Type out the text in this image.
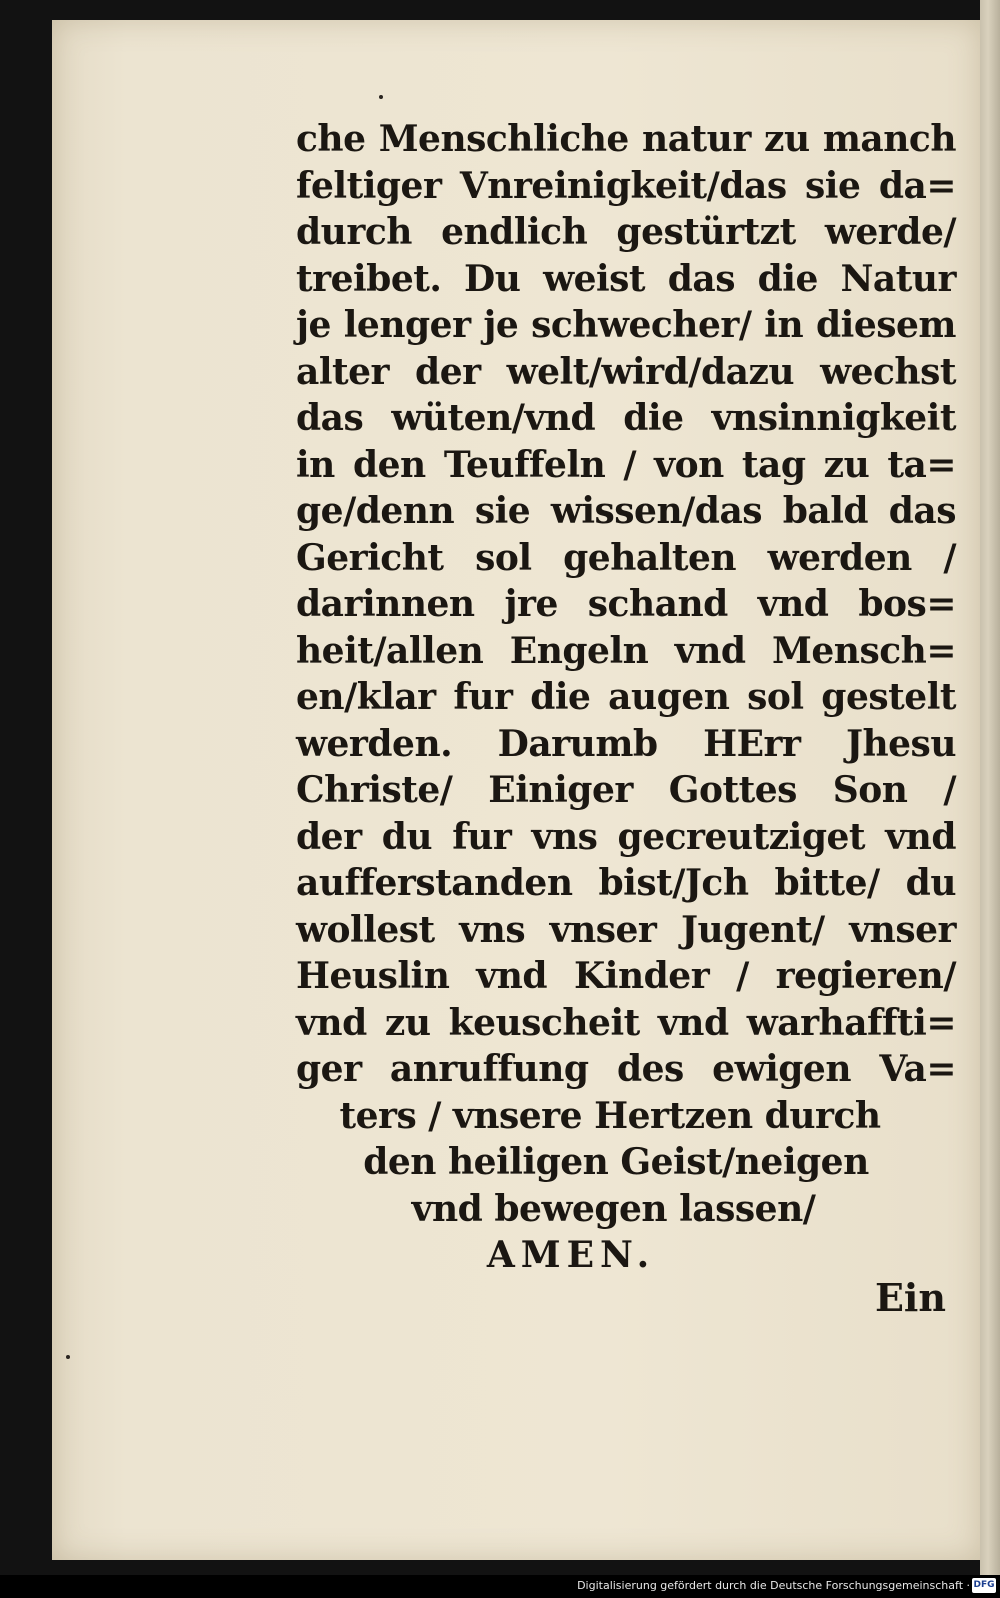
che Menschliche natur zu manch
feltiger Vnreinigkeit/das sie da=
durch endlich gestürtzt werde/
treibet. Du weist das die Natur
je lenger je schwecher/ in diesem
alter der welt/wird/dazu wechst
das wüten/vnd die vnsinnigkeit
in den Teuffeln / von tag zu ta=
ge/denn sie wissen/das bald das
Gericht sol gehalten werden /
darinnen jre schand vnd bos=
heit/allen Engeln vnd Mensch=
en/klar fur die augen sol gestelt
werden. Darumb HErr Jhesu
Christe/ Einiger Gottes Son /
der du fur vns gecreutziget vnd
aufferstanden bist/Jch bitte/ du
wollest vns vnser Jugent/ vnser
Heuslin vnd Kinder / regieren/
vnd zu keuscheit vnd warhaffti=
ger anruffung des ewigen Va=
ters / vnsere Hertzen durch
den heiligen Geist/neigen
vnd bewegen lassen/
AMEN.
Ein
Digitalisierung gefördert durch die Deutsche Forschungsgemeinschaft · DFG
